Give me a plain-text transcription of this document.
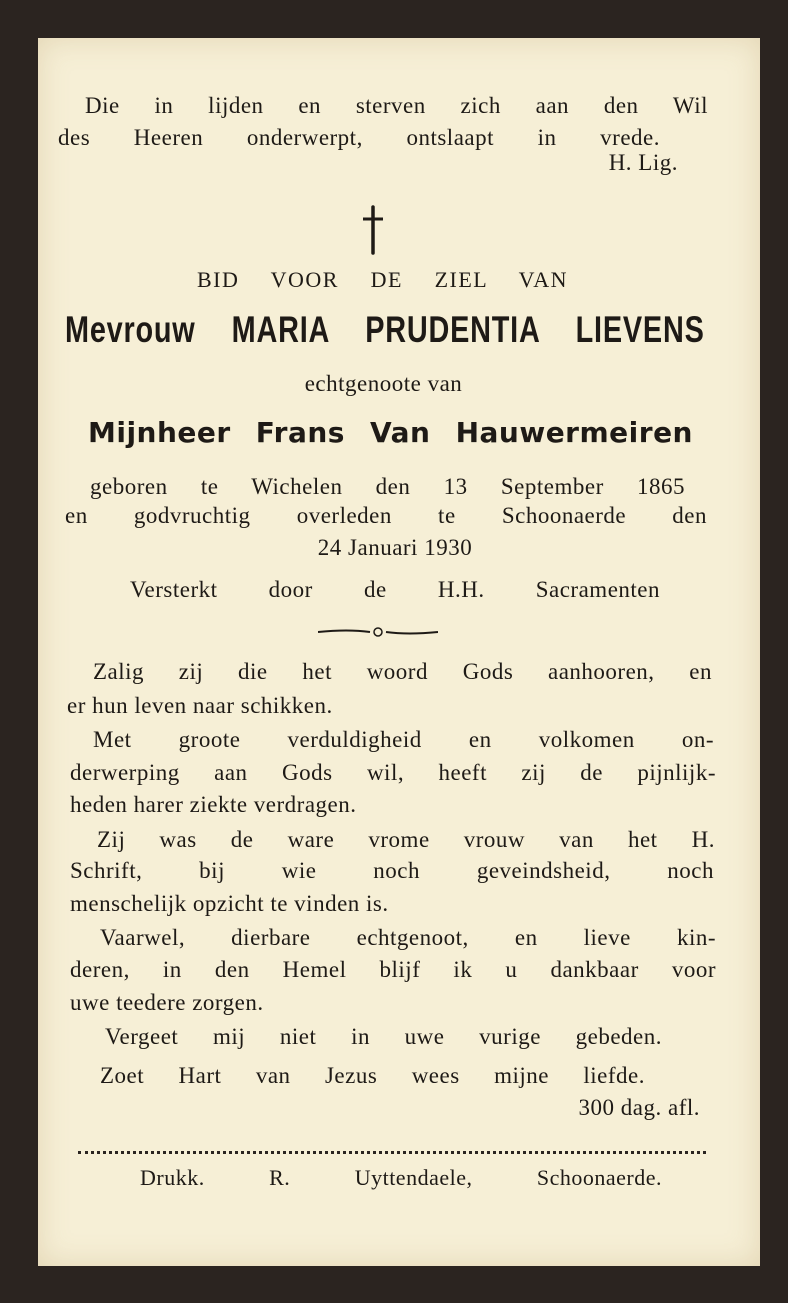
Die in lijden en sterven zich aan den Wil
des Heeren onderwerpt, ontslaapt in vrede.
H. Lig.
BID VOOR DE ZIEL VAN
Mevrouw MARIA PRUDENTIA LIEVENS
echtgenoote van
Mijnheer Frans Van Hauwermeiren
geboren te Wichelen den 13 September 1865
en godvruchtig overleden te Schoonaerde den
24 Januari 1930
Versterkt door de H.H. Sacramenten
Zalig zij die het woord Gods aanhooren, en
er hun leven naar schikken.
Met groote verduldigheid en volkomen on-
derwerping aan Gods wil, heeft zij de pijnlijk-
heden harer ziekte verdragen.
Zij was de ware vrome vrouw van het H.
Schrift, bij wie noch geveindsheid, noch
menschelijk opzicht te vinden is.
Vaarwel, dierbare echtgenoot, en lieve kin-
deren, in den Hemel blijf ik u dankbaar voor
uwe teedere zorgen.
Vergeet mij niet in uwe vurige gebeden.
Zoet Hart van Jezus wees mijne liefde.
300 dag. afl.
Drukk. R. Uyttendaele, Schoonaerde.
